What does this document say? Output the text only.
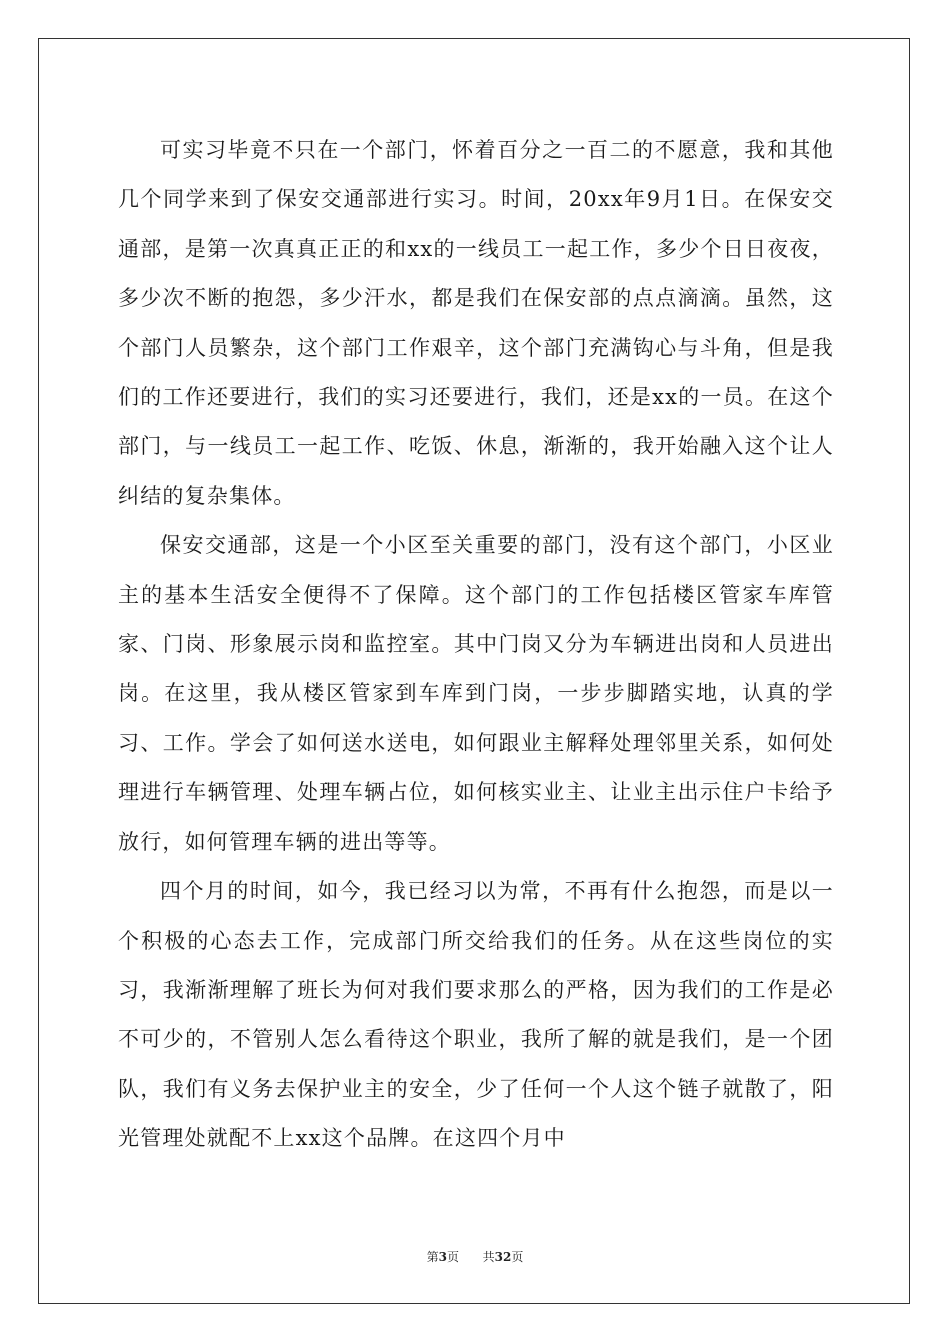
可实习毕竟不只在一个部门，怀着百分之一百二的不愿意，我和其他几个同学来到了保安交通部进行实习。时间，20xx年9月1日。在保安交通部，是第一次真真正正的和xx的一线员工一起工作，多少个日日夜夜，多少次不断的抱怨，多少汗水，都是我们在保安部的点点滴滴。虽然，这个部门人员繁杂，这个部门工作艰辛，这个部门充满钩心与斗角，但是我们的工作还要进行，我们的实习还要进行，我们，还是xx的一员。在这个部门，与一线员工一起工作、吃饭、休息，渐渐的，我开始融入这个让人纠结的复杂集体。

保安交通部，这是一个小区至关重要的部门，没有这个部门，小区业主的基本生活安全便得不了保障。这个部门的工作包括楼区管家车库管家、门岗、形象展示岗和监控室。其中门岗又分为车辆进出岗和人员进出岗。在这里，我从楼区管家到车库到门岗，一步步脚踏实地，认真的学习、工作。学会了如何送水送电，如何跟业主解释处理邻里关系，如何处理进行车辆管理、处理车辆占位，如何核实业主、让业主出示住户卡给予放行，如何管理车辆的进出等等。

四个月的时间，如今，我已经习以为常，不再有什么抱怨，而是以一个积极的心态去工作，完成部门所交给我们的任务。从在这些岗位的实习，我渐渐理解了班长为何对我们要求那么的严格，因为我们的工作是必不可少的，不管别人怎么看待这个职业，我所了解的就是我们，是一个团队，我们有义务去保护业主的安全，少了任何一个人这个链子就散了，阳光管理处就配不上xx这个品牌。在这四个月中

第3页 共32页
